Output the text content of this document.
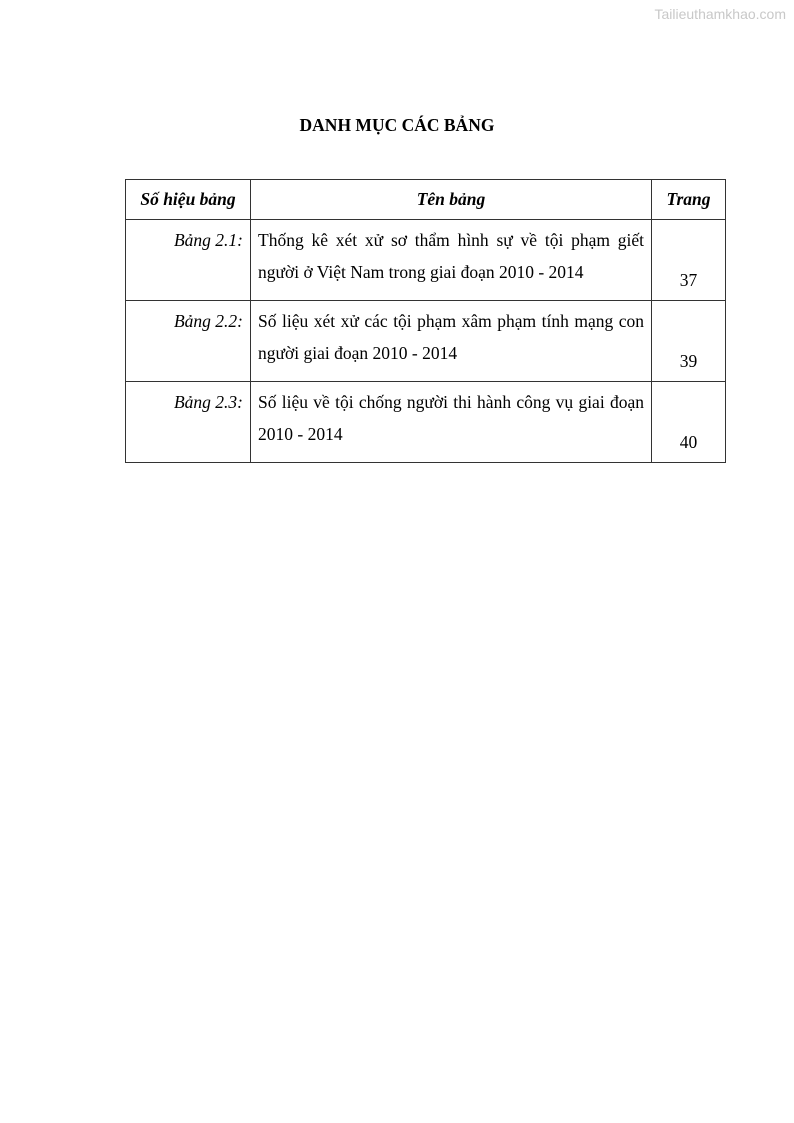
Tailieuthamkhao.com
DANH MỤC CÁC BẢNG
Số hiệu bảng	Tên bảng	Trang
Bảng 2.1:	Thống kê xét xử sơ thẩm hình sự về tội phạm giết người ở Việt Nam trong giai đoạn 2010 - 2014	37
Bảng 2.2:	Số liệu xét xử các tội phạm xâm phạm tính mạng con người giai đoạn 2010 - 2014	39
Bảng 2.3:	Số liệu về tội chống người thi hành công vụ giai đoạn 2010 - 2014	40
